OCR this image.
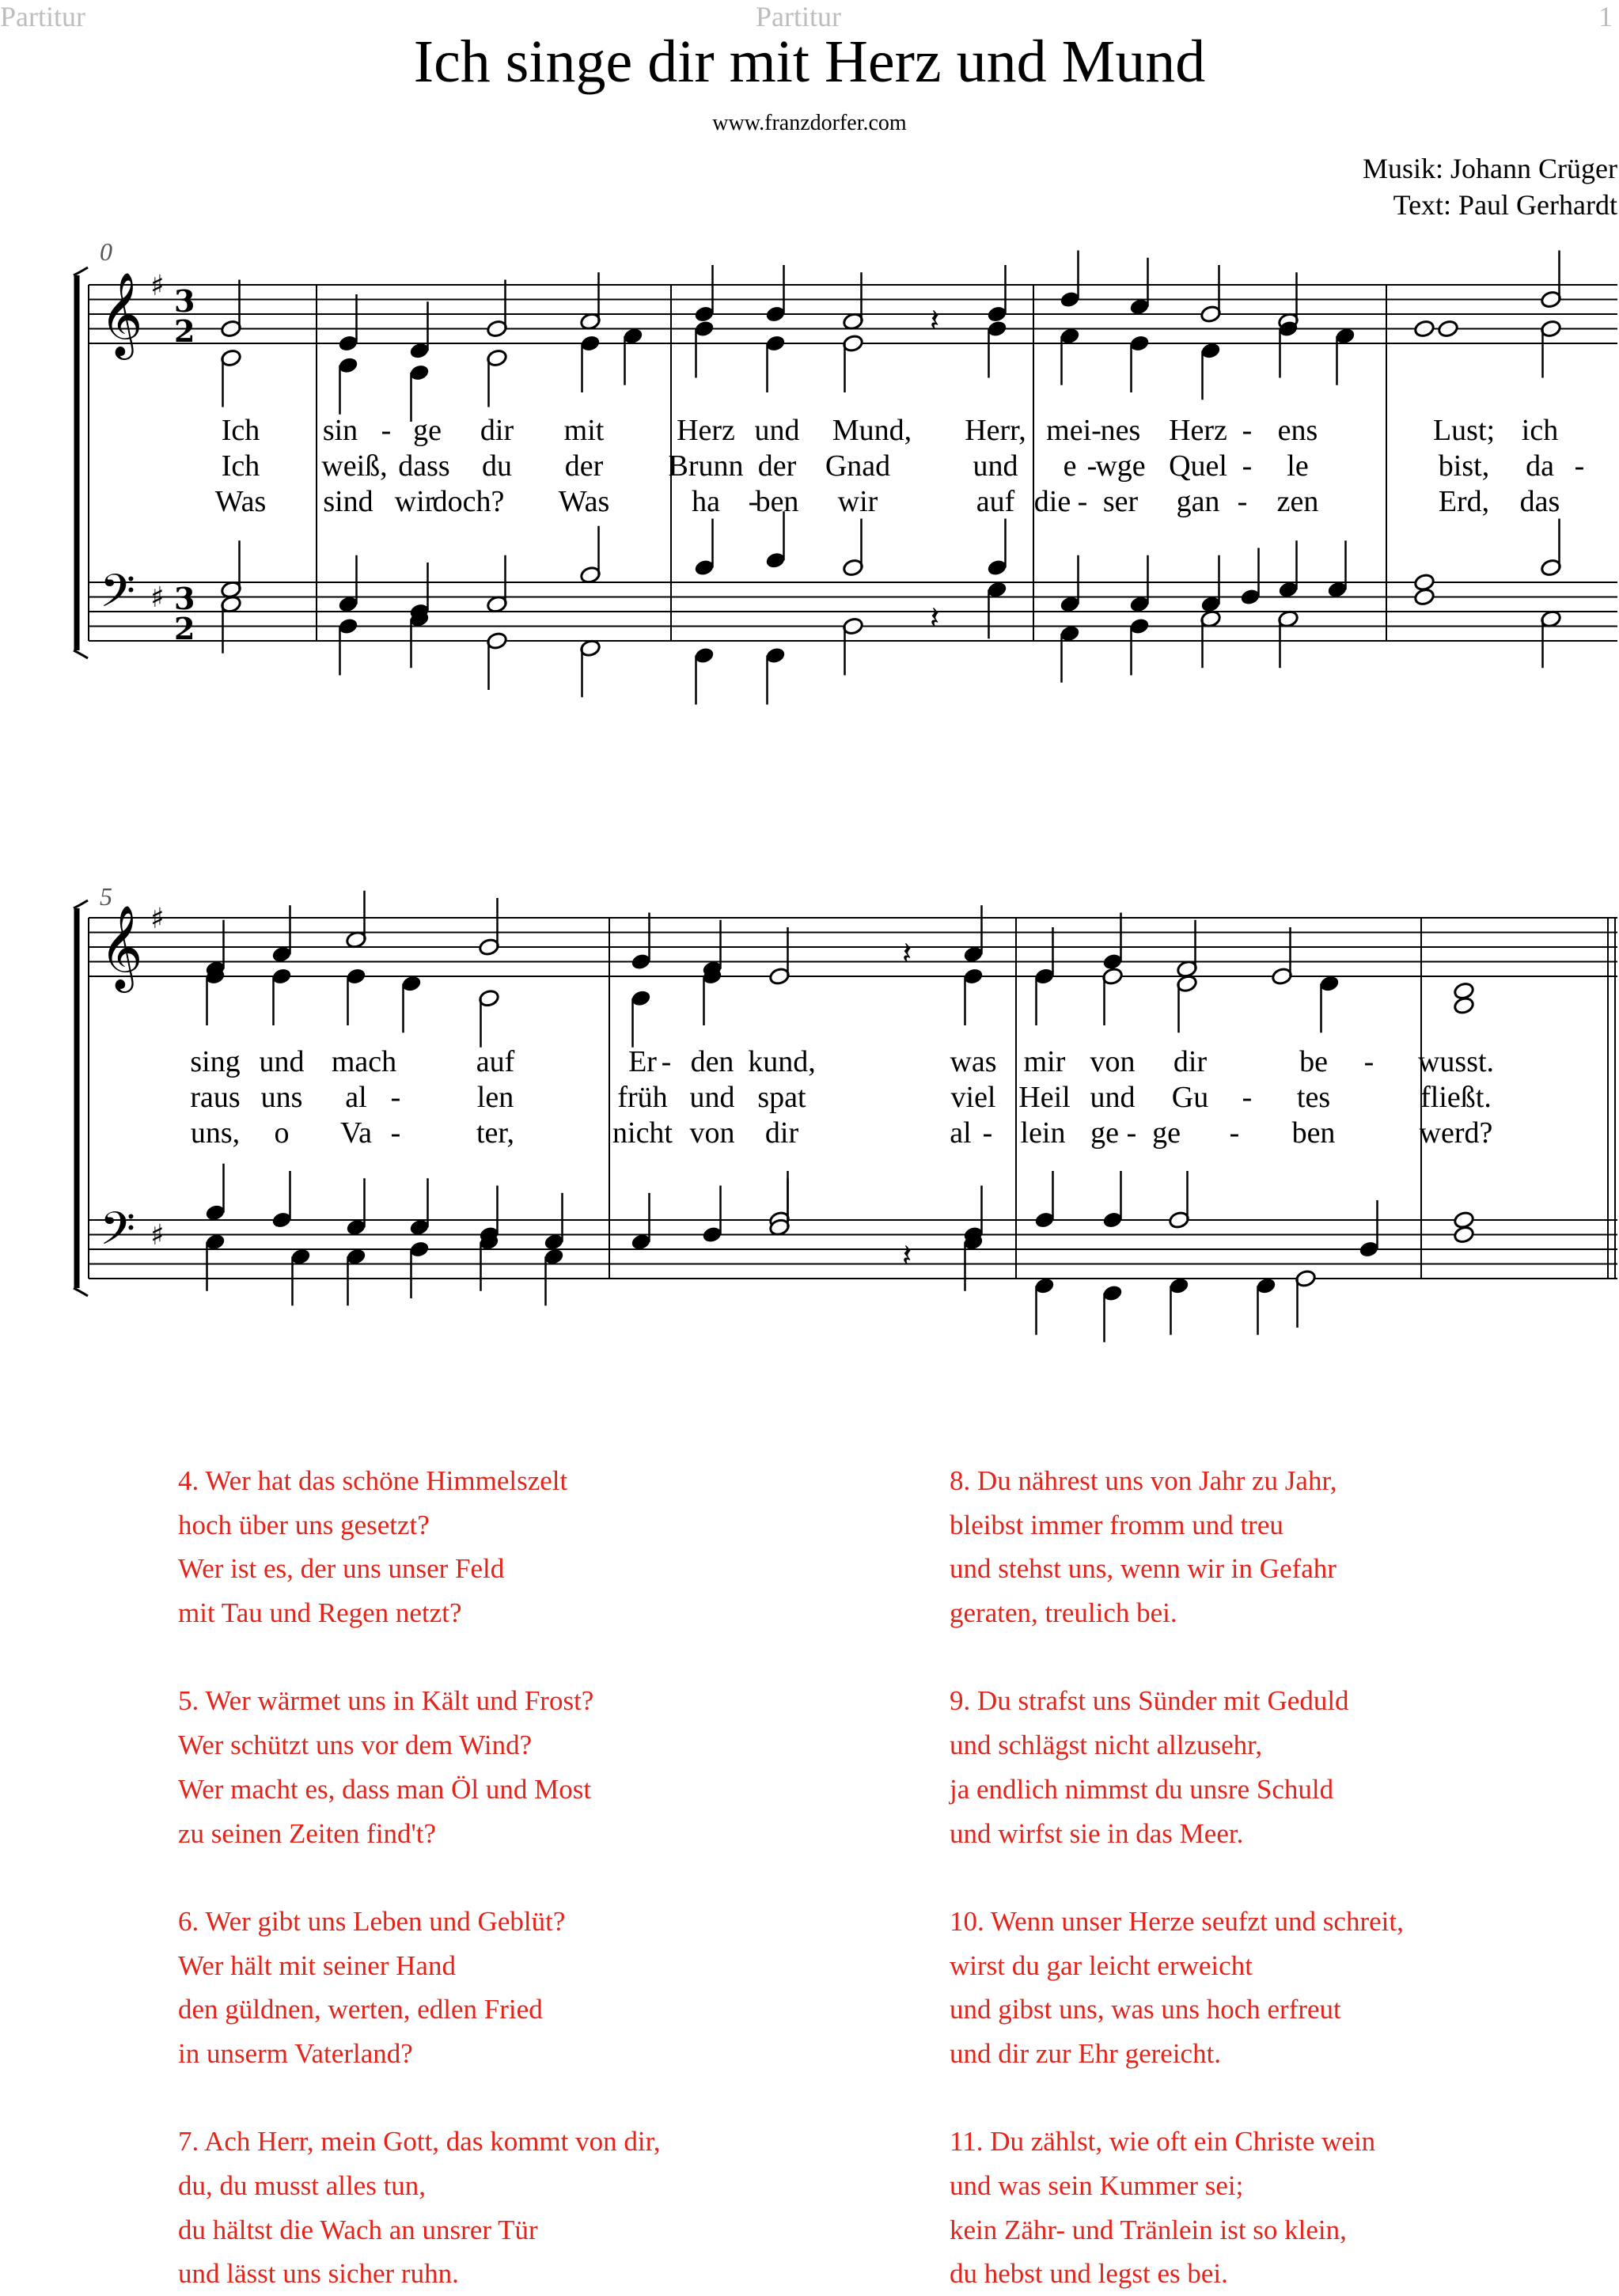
Partitur	Partitur	1
Ich singe dir mit Herz und Mund
www.franzdorfer.com
Musik: Johann Crüger
Text: Paul Gerhardt
0
5
𝄞
𝄢
♯
♯
3
2
3
2
𝄽
𝄽
𝄞
𝄢
♯
♯
𝄽
𝄽
Ich sin - ge dir mit Herz und Mund, Herr, mei-
nes Herz - ens	Lust; ich
Ich weiß, dass du der Brunn der Gnad	und e -
wge Quel - le	bist, da -
Was sind wir
doch? Was	ha -
ben wir	auf die - ser gan - zen	Erd, das
sing und mach	auf	Er - den kund,	was mir von dir	be - wusst.
raus uns al -	len	früh und spat	viel Heil und Gu - tes	fließt.
uns, o Va -	ter,	nicht von dir	al - lein ge - ge - ben	werd?
4. Wer hat das schöne Himmelszelt
hoch über uns gesetzt?
Wer ist es, der uns unser Feld
mit Tau und Regen netzt?
5. Wer wärmet uns in Kält und Frost?
Wer schützt uns vor dem Wind?
Wer macht es, dass man Öl und Most
zu seinen Zeiten find't?
6. Wer gibt uns Leben und Geblüt?
Wer hält mit seiner Hand
den güldnen, werten, edlen Fried
in unserm Vaterland?
7. Ach Herr, mein Gott, das kommt von dir,
du, du musst alles tun,
du hältst die Wach an unsrer Tür
und lässt uns sicher ruhn.
8. Du nährest uns von Jahr zu Jahr,
bleibst immer fromm und treu
und stehst uns, wenn wir in Gefahr
geraten, treulich bei.
9. Du strafst uns Sünder mit Geduld
und schlägst nicht allzusehr,
ja endlich nimmst du unsre Schuld
und wirfst sie in das Meer.
10. Wenn unser Herze seufzt und schreit,
wirst du gar leicht erweicht
und gibst uns, was uns hoch erfreut
und dir zur Ehr gereicht.
11. Du zählst, wie oft ein Christe wein
und was sein Kummer sei;
kein Zähr- und Tränlein ist so klein,
du hebst und legst es bei.
